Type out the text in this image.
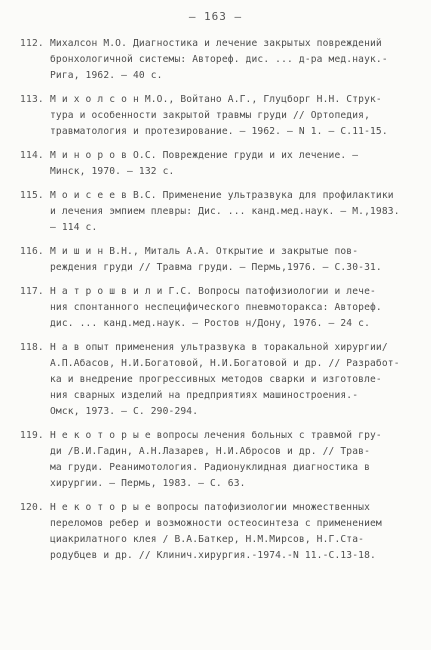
– 163 –
112. Михалсон М.О. Диагностика и лечение закрытых повреждений
бронхологичной системы: Автореф. дис. ... д-ра мед.наук.-
Рига, 1962. – 40 с.
113. М и х о л с о н М.О., Войтано А.Г., Глуцборг Н.Н. Струк-
тура и особенности закрытой травмы груди // Ортопедия,
травматология и протезирование. – 1962. – N 1. – С.11-15.
114. М и н о р о в О.С. Повреждение груди и их лечение. –
Минск, 1970. – 132 с.
115. М о и с е е в В.С. Применение ультразвука для профилактики
и лечения эмпием плевры: Дис. ... канд.мед.наук. – М.,1983.
– 114 с.
116. М и ш и н В.Н., Миталь А.А. Открытие и закрытые пов-
реждения груди // Травма груди. – Пермь,1976. – С.30-31.
117. Н а т р о ш в и л и Г.С. Вопросы патофизиологии и лече-
ния спонтанного неспецифического пневмоторакса: Автореф.
дис. ... канд.мед.наук. – Ростов н/Дону, 1976. – 24 с.
118. Н а в опыт применения ультразвука в торакальной хирургии/
А.П.Абасов, Н.И.Богатовой, Н.И.Богатовой и др. // Разработ-
ка и внедрение прогрессивных методов сварки и изготовле-
ния сварных изделий на предприятиях машиностроения.-
Омск, 1973. – С. 290-294.
119. Н е к о т о р ы е вопросы лечения больных с травмой гру-
ди /В.И.Гадин, А.Н.Лазарев, Н.И.Абросов и др. // Трав-
ма груди. Реанимотология. Радионуклидная диагностика в
хирургии. – Пермь, 1983. – С. 63.
120. Н е к о т о р ы е вопросы патофизиологии множественных
переломов ребер и возможности остеосинтеза с применением
циакрилатного клея / В.А.Баткер, Н.М.Мирсов, Н.Г.Ста-
родубцев и др. // Клинич.хирургия.-1974.-N 11.-С.13-18.
